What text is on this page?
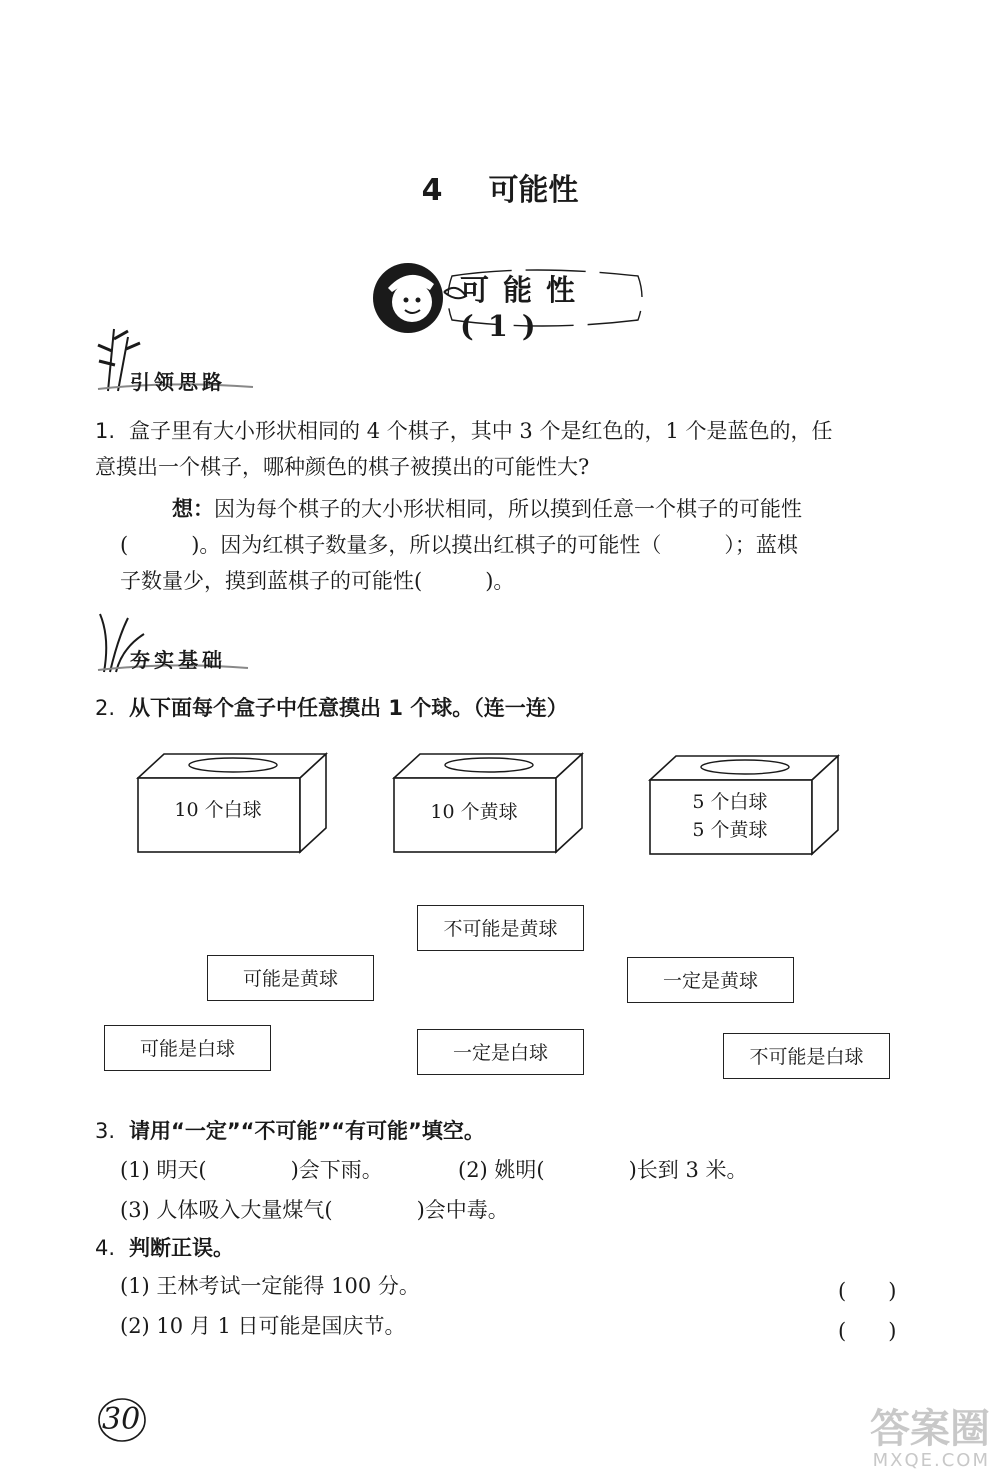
4 可能性
可能性(1)
引领思路
1. 盒子里有大小形状相同的 4 个棋子，其中 3 个是红色的，1 个是蓝色的，任
意摸出一个棋子，哪种颜色的棋子被摸出的可能性大?
想：因为每个棋子的大小形状相同，所以摸到任意一个棋子的可能性
(　　　)。因为红棋子数量多，所以摸出红棋子的可能性（　　　）；蓝棋
子数量少，摸到蓝棋子的可能性(　　　)。
夯实基础
2. 从下面每个盒子中任意摸出 1 个球。（连一连）
10 个白球	10 个黄球	5 个白球
5 个黄球
不可能是黄球
可能是黄球	一定是黄球
可能是白球	一定是白球	不可能是白球
3. 请用“一定”“不可能”“有可能”填空。
(1) 明天(　　　　)会下雨。	(2) 姚明(　　　　)长到 3 米。
(3) 人体吸入大量煤气(　　　　)会中毒。
4. 判断正误。
(1) 王林考试一定能得 100 分。	(　　)
(2) 10 月 1 日可能是国庆节。	(　　)
30	答案圈
MXQE.COM
